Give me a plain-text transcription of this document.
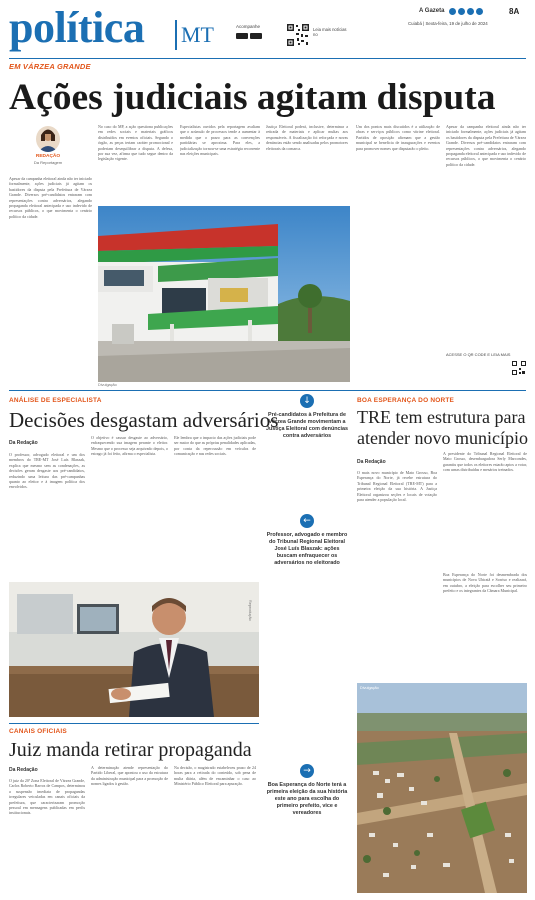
política MT	Acompanhe
Leia mais notícias no
A Gazeta	8A
Cuiabá | Sexta-feira, 19 de julho de 2024
EM VÁRZEA GRANDE
Ações judiciais agitam disputa
REDAÇÃO
Da Reportagem
Apesar da campanha eleitoral ainda não ter iniciado formalmente, ações judiciais já agitam os bastidores da disputa pela Prefeitura de Várzea Grande. Diversos pré-candidatos entraram com representações contra adversários, alegando propaganda eleitoral antecipada e uso indevido de recursos públicos, o que movimenta o cenário político da cidade.
No caso do MP, a ação questiona publicações em redes sociais e materiais gráficos distribuídos em eventos oficiais. Segundo o órgão, as peças teriam caráter promocional e poderiam desequilibrar a disputa. A defesa, por sua vez, afirma que tudo segue dentro da legislação vigente.
Especialistas ouvidos pela reportagem avaliam que o acúmulo de processos tende a aumentar à medida que o prazo para as convenções partidárias se aproxima. Para eles, a judicialização tornou-se uma estratégia recorrente nas eleições municipais.
Justiça Eleitoral poderá, inclusive, determinar a retirada de materiais e aplicar multas aos responsáveis. A fiscalização foi reforçada e novas denúncias estão sendo analisadas pelos promotores eleitorais da comarca.
Um dos pontos mais discutidos é a utilização de obras e serviços públicos como vitrine eleitoral. Partidos de oposição afirmam que a gestão municipal se beneficia de inaugurações e eventos para promover nomes que disputarão o pleito.
Apesar da campanha eleitoral ainda não ter iniciado formalmente, ações judiciais já agitam os bastidores da disputa pela Prefeitura de Várzea Grande. Diversos pré-candidatos entraram com representações contra adversários, alegando propaganda eleitoral antecipada e uso indevido de recursos públicos, o que movimenta o cenário político da cidade.
Divulgação
ACESSE O QR CODE E LEIA MAIS
ANÁLISE DE ESPECIALISTA
Decisões desgastam adversários
Da Redação
O professor, advogado eleitoral e um dos membros do TRE-MT José Luís Blaszak, explica que mesmo sem as condenações, as decisões geram desgaste aos pré-candidatos, reduzindo uma leitura das pré-campanhas quanto ao eleitor e à imagem política dos envolvidos.
O objetivo é causar desgaste ao adversário, enfraquecendo sua imagem perante o eleitor. Mesmo que o processo seja arquivado depois, o estrago já foi feito, afirma o especialista.
Ele lembra que o impacto das ações judiciais pode ser maior do que as próprias penalidades aplicadas, por conta da repercussão em veículos de comunicação e nas redes sociais.
↓
Pré-candidatos à Prefeitura de Várzea Grande movimentam a Justiça Eleitoral com denúncias contra adversários
←
Professor, advogado e membro do Tribunal Regional Eleitoral José Luís Blaszak: ações buscam enfraquecer os adversários no eleitorado
Reprodução
CANAIS OFICIAIS
Juiz manda retirar propaganda
Da Redação
O juiz da 20ª Zona Eleitoral de Várzea Grande, Carlos Roberto Barros de Campos, determinou a suspensão imediata de propagandas irregulares veiculadas em canais oficiais da prefeitura, que caracterizaram promoção pessoal em mensagens publicadas em perfis institucionais.
A determinação atende representação do Partido Liberal, que apontou o uso da estrutura da administração municipal para a promoção de nomes ligados à gestão.
Na decisão, o magistrado estabeleceu prazo de 24 horas para a retirada do conteúdo, sob pena de multa diária, além de encaminhar o caso ao Ministério Público Eleitoral para apuração.
BOA ESPERANÇA DO NORTE
TRE tem estrutura para atender novo município
Da Redação
O mais novo município de Mato Grosso, Boa Esperança do Norte, já recebe estrutura do Tribunal Regional Eleitoral (TRE-MT) para a primeira eleição da sua história. A Justiça Eleitoral organizou seções e locais de votação para atender a população local.
A presidente do Tribunal Regional Eleitoral de Mato Grosso, desembargadora Serly Marcondes, garantiu que todos os eleitores estarão aptos a votar, com urnas distribuídas e mesários treinados.
Boa Esperança do Norte foi desmembrada dos municípios de Nova Ubiratã e Sorriso e realizará, em outubro, a eleição para escolher seu primeiro prefeito e os integrantes da Câmara Municipal.
Divulgação
→
Boa Esperança do Norte terá a primeira eleição da sua história este ano para escolha do primeiro prefeito, vice e vereadores
